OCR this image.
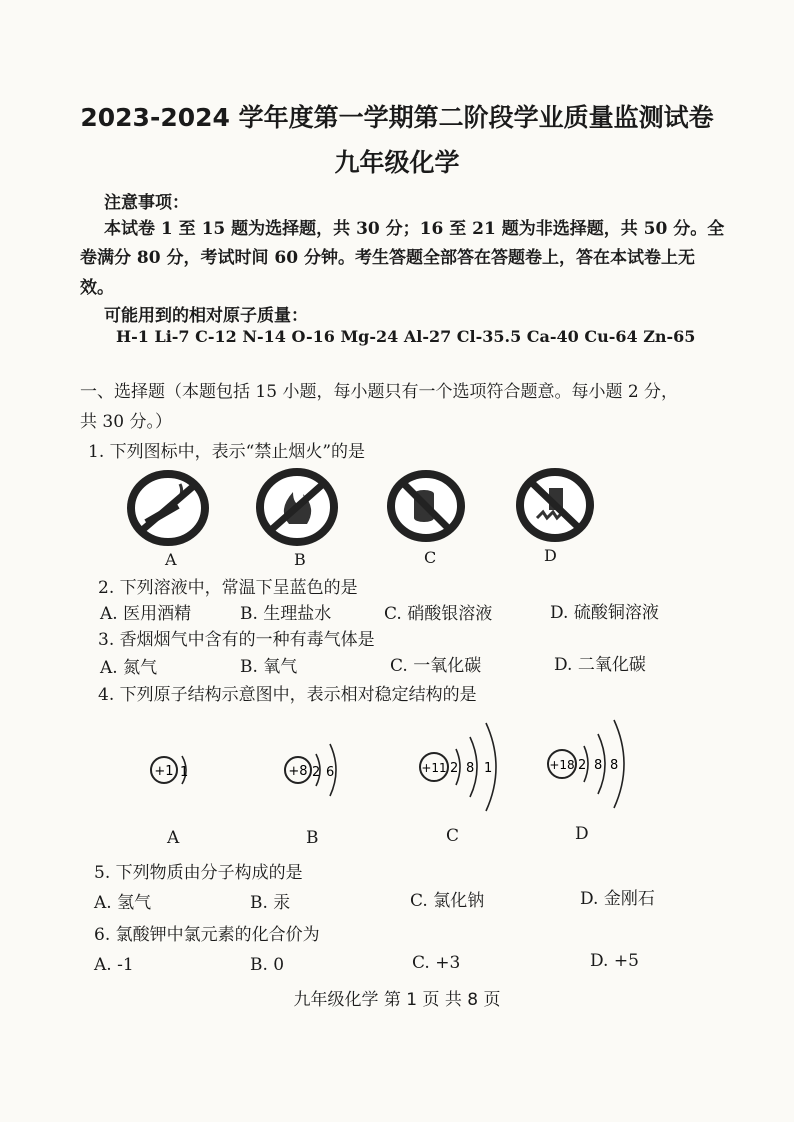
2023-2024 学年度第一学期第二阶段学业质量监测试卷
九年级化学
注意事项：
本试卷 1 至 15 题为选择题，共 30 分；16 至 21 题为非选择题，共 50 分。全
卷满分 80 分，考试时间 60 分钟。考生答题全部答在答题卷上，答在本试卷上无
效。
可能用到的相对原子质量：
H-1 Li-7 C-12 N-14 O-16 Mg-24 Al-27 Cl-35.5 Ca-40 Cu-64 Zn-65
一、选择题（本题包括 15 小题，每小题只有一个选项符合题意。每小题 2 分，
共 30 分。）
1. 下列图标中，表示“禁止烟火”的是
A	B	C	D
2. 下列溶液中，常温下呈蓝色的是
A. 医用酒精	B. 生理盐水	C. 硝酸银溶液	D. 硫酸铜溶液
3. 香烟烟气中含有的一种有毒气体是
A. 氮气	B. 氧气	C. 一氧化碳	D. 二氧化碳
4. 下列原子结构示意图中，表示相对稳定结构的是
+1 1	+8 2 6	+11 2 8 1	+18 2 8 8
A	B	C	D
5. 下列物质由分子构成的是
A. 氢气	B. 汞	C. 氯化钠	D. 金刚石
6. 氯酸钾中氯元素的化合价为
A. -1	B. 0	C. +3	D. +5
九年级化学 第 1 页 共 8 页
